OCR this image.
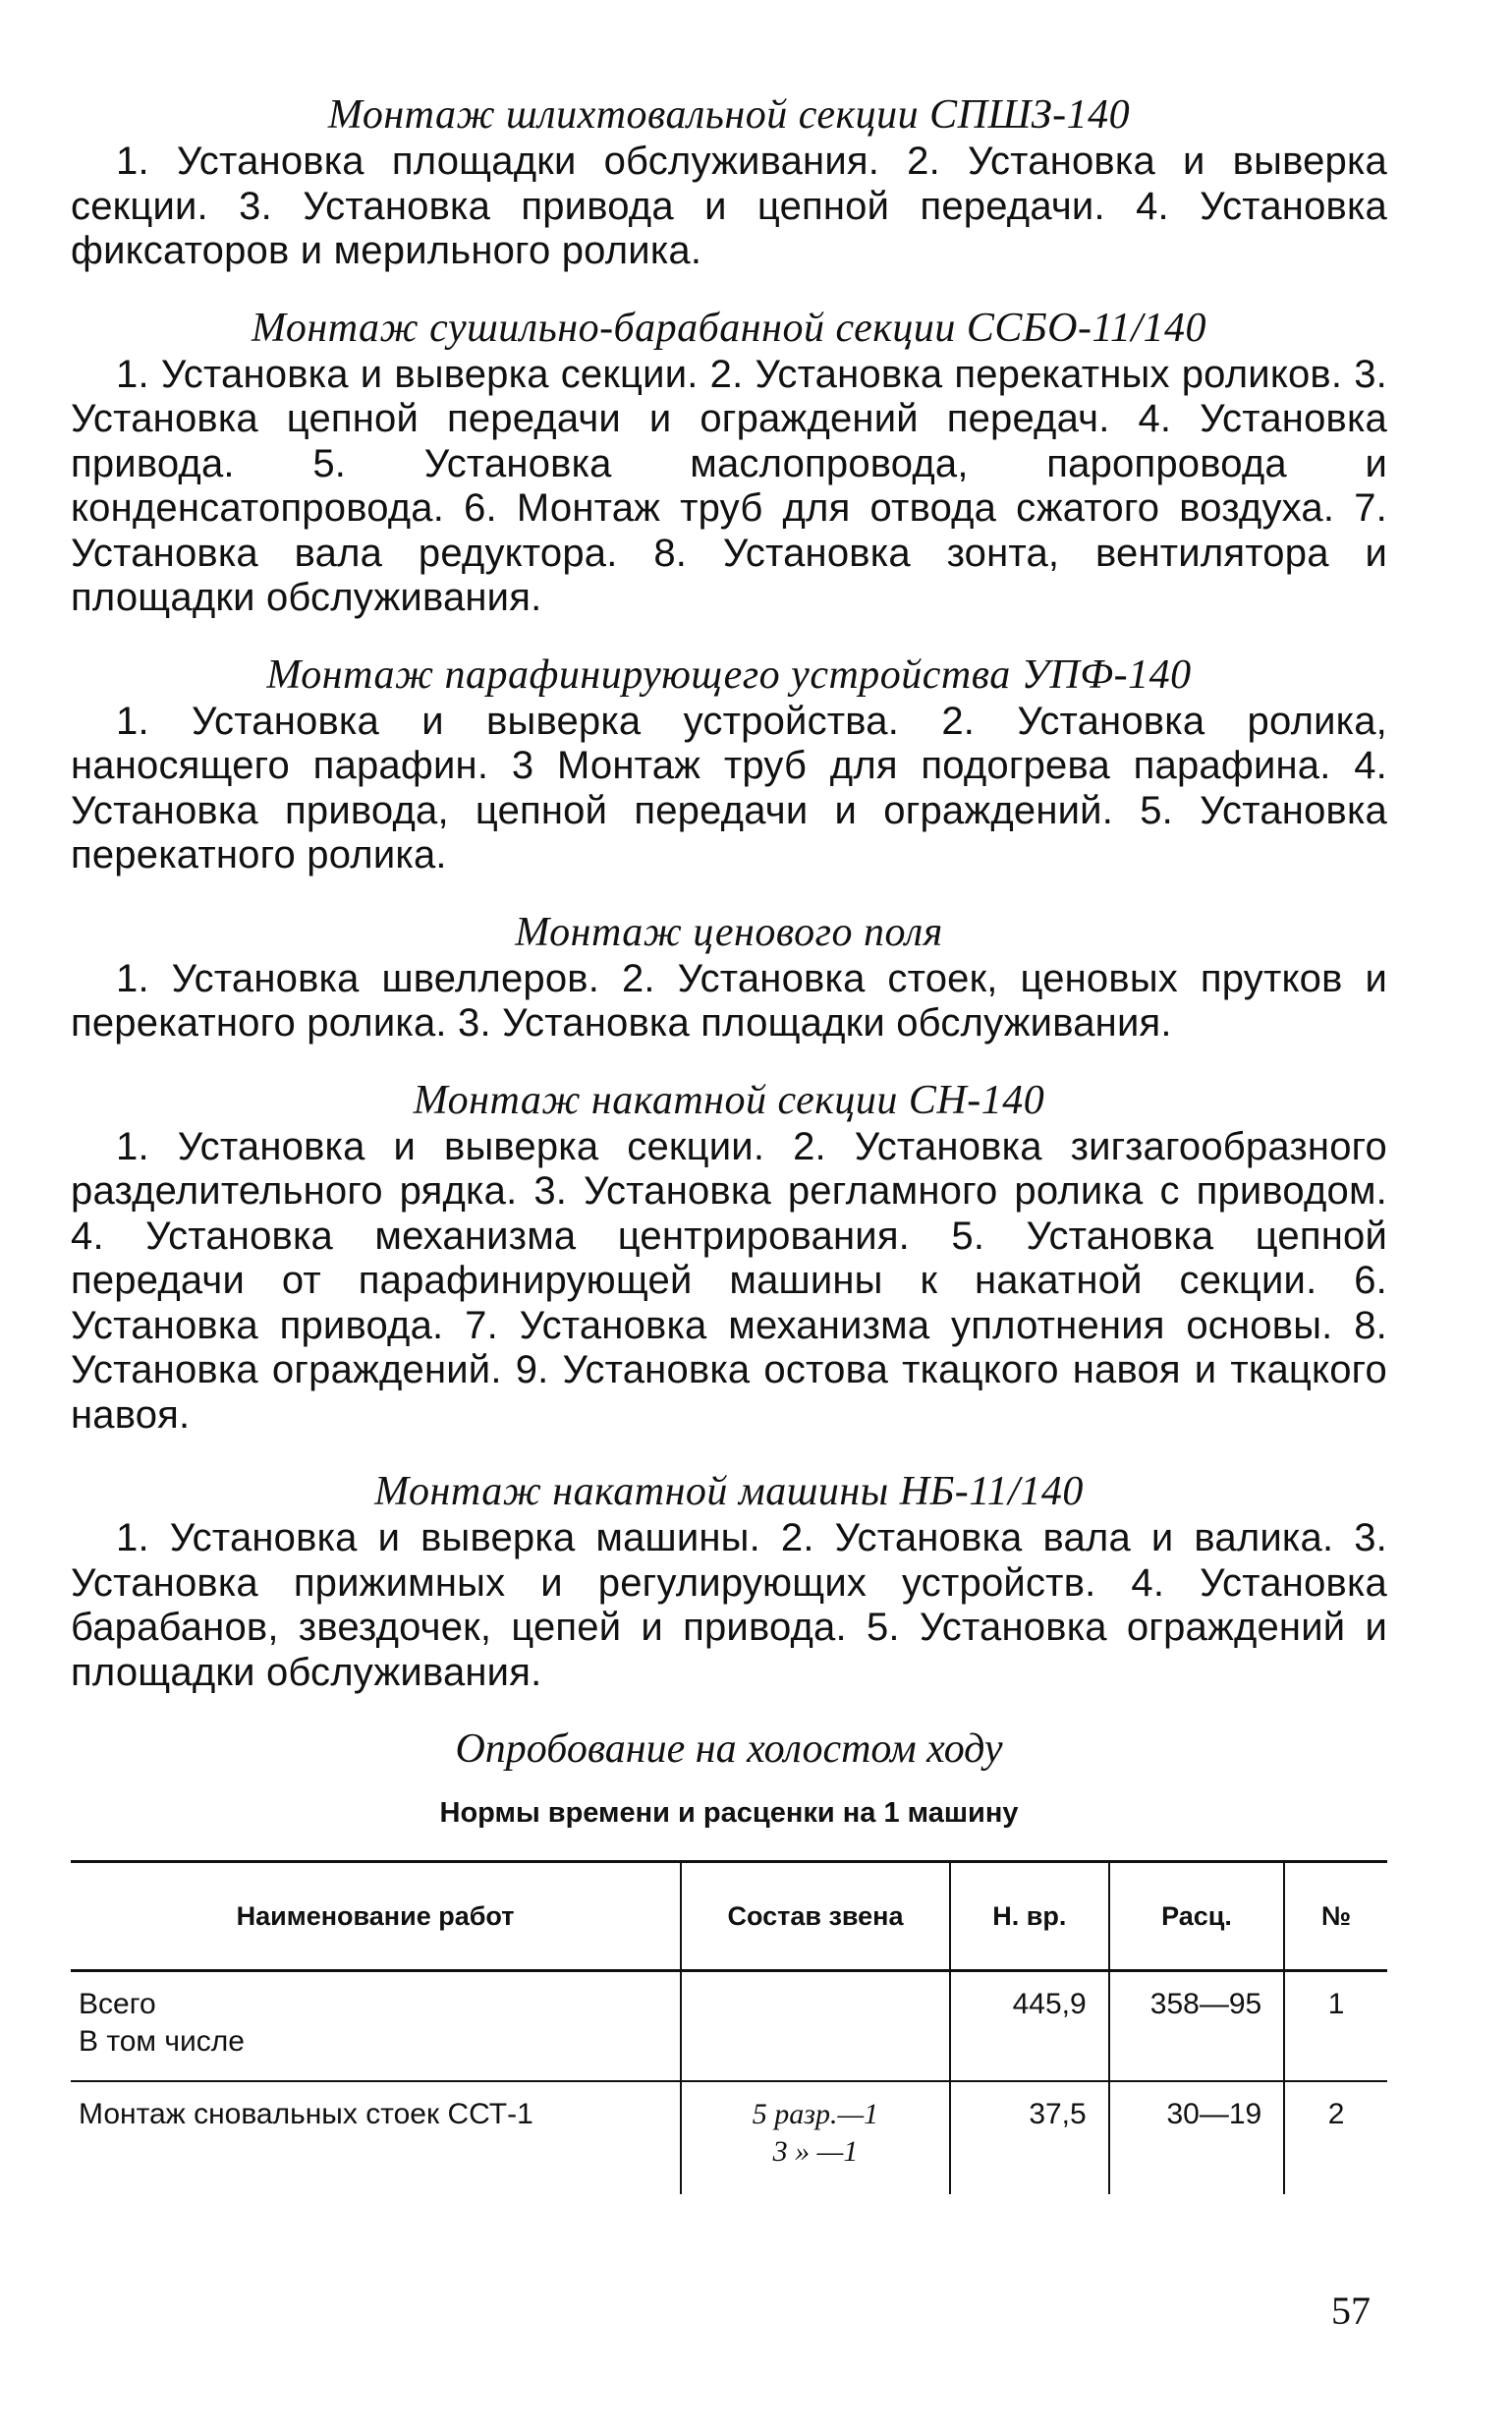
Монтаж шлихтовальной секции СПШЗ-140

1. Установка площадки обслуживания. 2. Установка и выверка секции. 3. Установка привода и цепной передачи. 4. Установка фиксаторов и мерильного ролика.

Монтаж сушильно-барабанной секции ССБО-11/140

1. Установка и выверка секции. 2. Установка перекатных роликов. 3. Установка цепной передачи и ограждений передач. 4. Установка привода. 5. Установка маслопровода, паропровода и конденсатопровода. 6. Монтаж труб для отвода сжатого воздуха. 7. Установка вала редуктора. 8. Установка зонта, вентилятора и площадки обслуживания.

Монтаж парафинирующего устройства УПФ-140

1. Установка и выверка устройства. 2. Установка ролика, наносящего парафин. 3 Монтаж труб для подогрева парафина. 4. Установка привода, цепной передачи и ограждений. 5. Установка перекатного ролика.

Монтаж ценового поля

1. Установка швеллеров. 2. Установка стоек, ценовых прутков и перекатного ролика. 3. Установка площадки обслуживания.

Монтаж накатной секции СН-140

1. Установка и выверка секции. 2. Установка зигзагообразного разделительного рядка. 3. Установка регламного ролика с приводом. 4. Установка механизма центрирования. 5. Установка цепной передачи от парафинирующей машины к накатной секции. 6. Установка привода. 7. Установка механизма уплотнения основы. 8. Установка ограждений. 9. Установка остова ткацкого навоя и ткацкого навоя.

Монтаж накатной машины НБ-11/140

1. Установка и выверка машины. 2. Установка вала и валика. 3. Установка прижимных и регулирующих устройств. 4. Установка барабанов, звездочек, цепей и привода. 5. Установка ограждений и площадки обслуживания.

Опробование на холостом ходу

Нормы времени и расценки на 1 машину

Наименование работ	Состав звена	Н. вр.	Расц.	№

Всего
В том числе		445,9	358—95	1

Монтаж сновальных стоек ССТ-1	5 разр.—1
3 » —1	37,5	30—19	2
57
